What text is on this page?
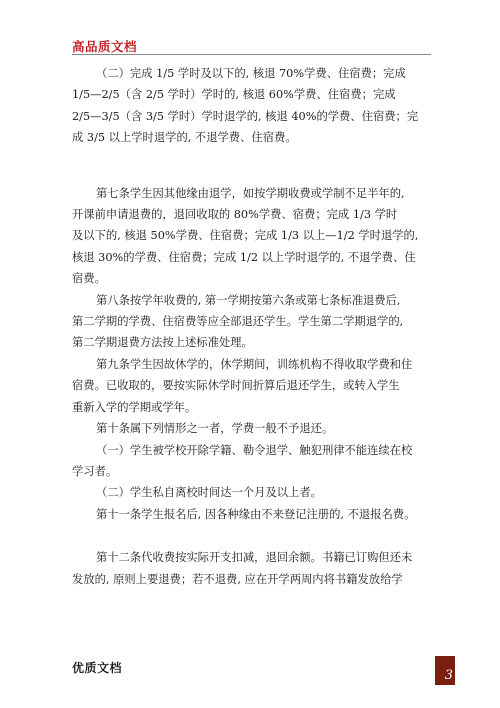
高品质文档

（二）完成 1/5 学时及以下的, 核退 70%学费、住宿费；完成
1/5—2/5（含 2/5 学时）学时的, 核退 60%学费、住宿费；完成
2/5—3/5（含 3/5 学时）学时退学的, 核退 40%的学费、住宿费；完
成 3/5 以上学时退学的, 不退学费、住宿费。

第七条学生因其他缘由退学，如按学期收费或学制不足半年的,
开课前申请退费的，退回收取的 80%学费、宿费；完成 1/3 学时
及以下的, 核退 50%学费、住宿费；完成 1/3 以上—1/2 学时退学的,
核退 30%的学费、住宿费；完成 1/2 以上学时退学的, 不退学费、住
宿费。

第八条按学年收费的, 第一学期按第六条或第七条标准退费后,
第二学期的学费、住宿费等应全部退还学生。学生第二学期退学的,
第二学期退费方法按上述标准处理。

第九条学生因故休学的，休学期间，训练机构不得收取学费和住
宿费。已收取的，要按实际休学时间折算后退还学生，或转入学生
重新入学的学期或学年。

第十条属下列情形之一者，学费一般不予退还。

（一）学生被学校开除学籍、勒令退学、触犯刑律不能连续在校
学习者。

（二）学生私自离校时间达一个月及以上者。

第十一条学生报名后, 因各种缘由不来登记注册的, 不退报名费。

第十二条代收费按实际开支扣减，退回余额。书籍已订购但还未
发放的, 原则上要退费；若不退费, 应在开学两周内将书籍发放给学

优质文档	3
